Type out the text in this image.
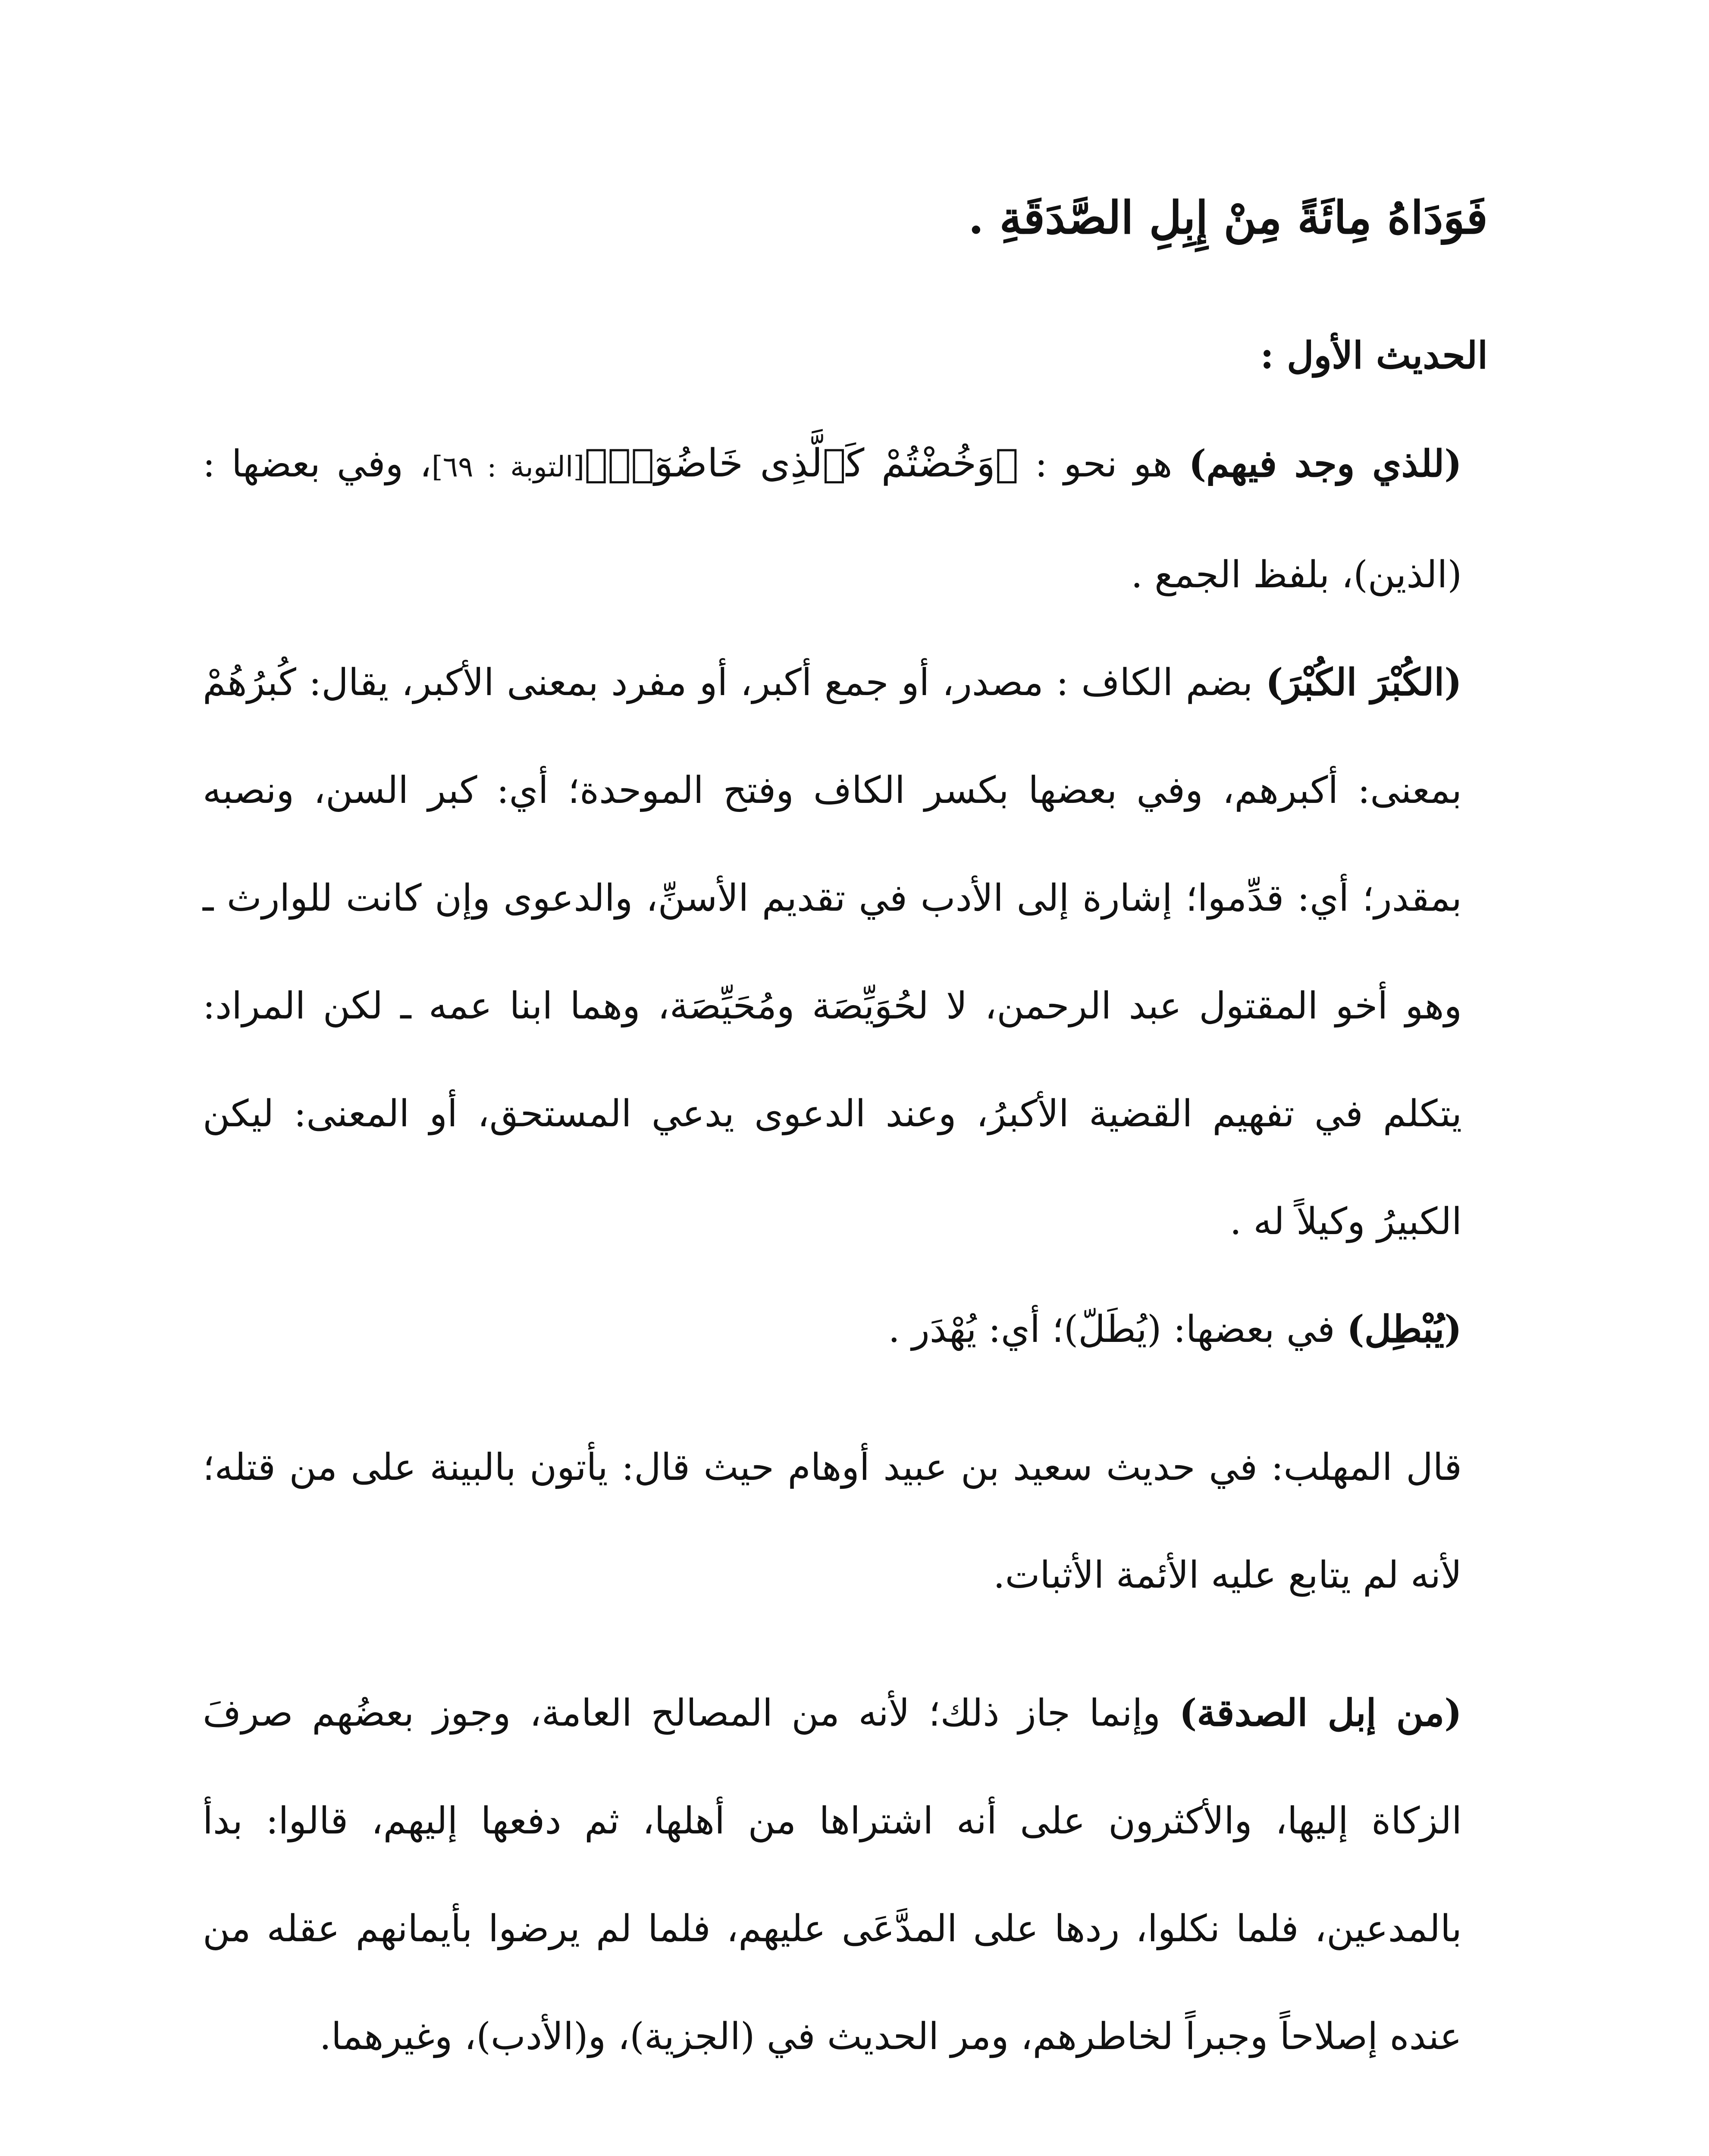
فَوَدَاهُ مِائَةً مِنْ إِبِلِ الصَّدَقَةِ .

الحديث الأول :

(للذي وجد فيهم) هو نحو : ﴿وَخُضْتُمْ كَٱلَّذِى خَاضُوٓا۟﴾[التوبة : ٦٩]، وفي بعضها : (الذين)، بلفظ الجمع .

(الكُبْرَ الكُبْرَ) بضم الكاف : مصدر، أو جمع أكبر، أو مفرد بمعنى الأكبر، يقال: كُبرُهُمْ بمعنى: أكبرهم، وفي بعضها بكسر الكاف وفتح الموحدة؛ أي: كبر السن، ونصبه بمقدر؛ أي: قدِّموا؛ إشارة إلى الأدب في تقديم الأسنِّ، والدعوى وإن كانت للوارث ـ وهو أخو المقتول عبد الرحمن، لا لحُوَيِّصَة ومُحَيِّصَة، وهما ابنا عمه ـ لكن المراد: يتكلم في تفهيم القضية الأكبرُ، وعند الدعوى يدعي المستحق، أو المعنى: ليكن الكبيرُ وكيلاً له .

(يُبْطِل) في بعضها: (يُطَلّ)؛ أي: يُهْدَر .

قال المهلب: في حديث سعيد بن عبيد أوهام حيث قال: يأتون بالبينة على من قتله؛ لأنه لم يتابع عليه الأئمة الأثبات.

(من إبل الصدقة) وإنما جاز ذلك؛ لأنه من المصالح العامة، وجوز بعضُهم صرفَ الزكاة إليها، والأكثرون على أنه اشتراها من أهلها، ثم دفعها إليهم، قالوا: بدأ بالمدعين، فلما نكلوا، ردها على المدَّعَى عليهم، فلما لم يرضوا بأيمانهم عقله من عنده إصلاحاً وجبراً لخاطرهم، ومر الحديث في (الجزية)، و(الأدب)، وغيرهما.
